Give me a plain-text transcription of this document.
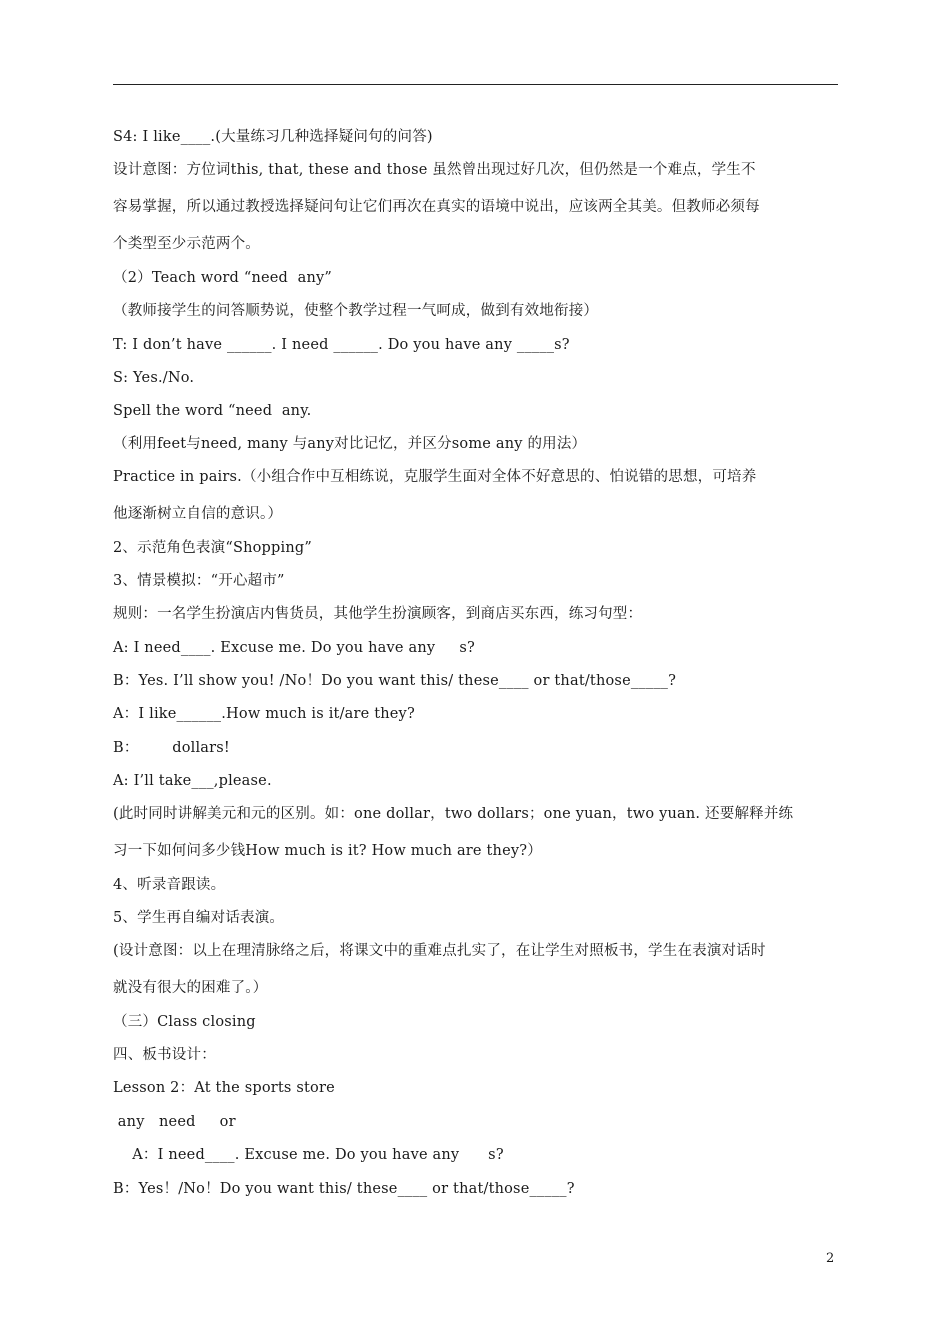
S4: I like____.(大量练习几种选择疑问句的问答)
设计意图：方位词this, that, these and those 虽然曾出现过好几次，但仍然是一个难点，学生不
容易掌握，所以通过教授选择疑问句让它们再次在真实的语境中说出，应该两全其美。但教师必须每
个类型至少示范两个。
（2）Teach word “need  any”
（教师接学生的问答顺势说，使整个教学过程一气呵成，做到有效地衔接）
T: I don’t have ______. I need ______. Do you have any _____s?
S: Yes./No.
Spell the word “need  any.
（利用feet与need, many 与any对比记忆，并区分some any 的用法）
Practice in pairs.（小组合作中互相练说，克服学生面对全体不好意思的、怕说错的思想，可培养
他逐渐树立自信的意识。）
2、示范角色表演“Shopping”
3、情景模拟：“开心超市”
规则：一名学生扮演店内售货员，其他学生扮演顾客，到商店买东西，练习句型：
A: I need____. Excuse me. Do you have any     s?
B：Yes. I’ll show you! /No！Do you want this/ these____ or that/those_____?
A：I like______.How much is it/are they?
B：       dollars!
A: I’ll take___,please.
(此时同时讲解美元和元的区别。如：one dollar，two dollars；one yuan，two yuan. 还要解释并练
习一下如何问多少钱How much is it? How much are they?）
4、听录音跟读。
5、学生再自编对话表演。
(设计意图：以上在理清脉络之后，将课文中的重难点扎实了，在让学生对照板书，学生在表演对话时
就没有很大的困难了。）
（三）Class closing
四、板书设计：
Lesson 2：At the sports store
any   need     or
A：I need____. Excuse me. Do you have any      s?
B：Yes！/No！Do you want this/ these____ or that/those_____?
2
